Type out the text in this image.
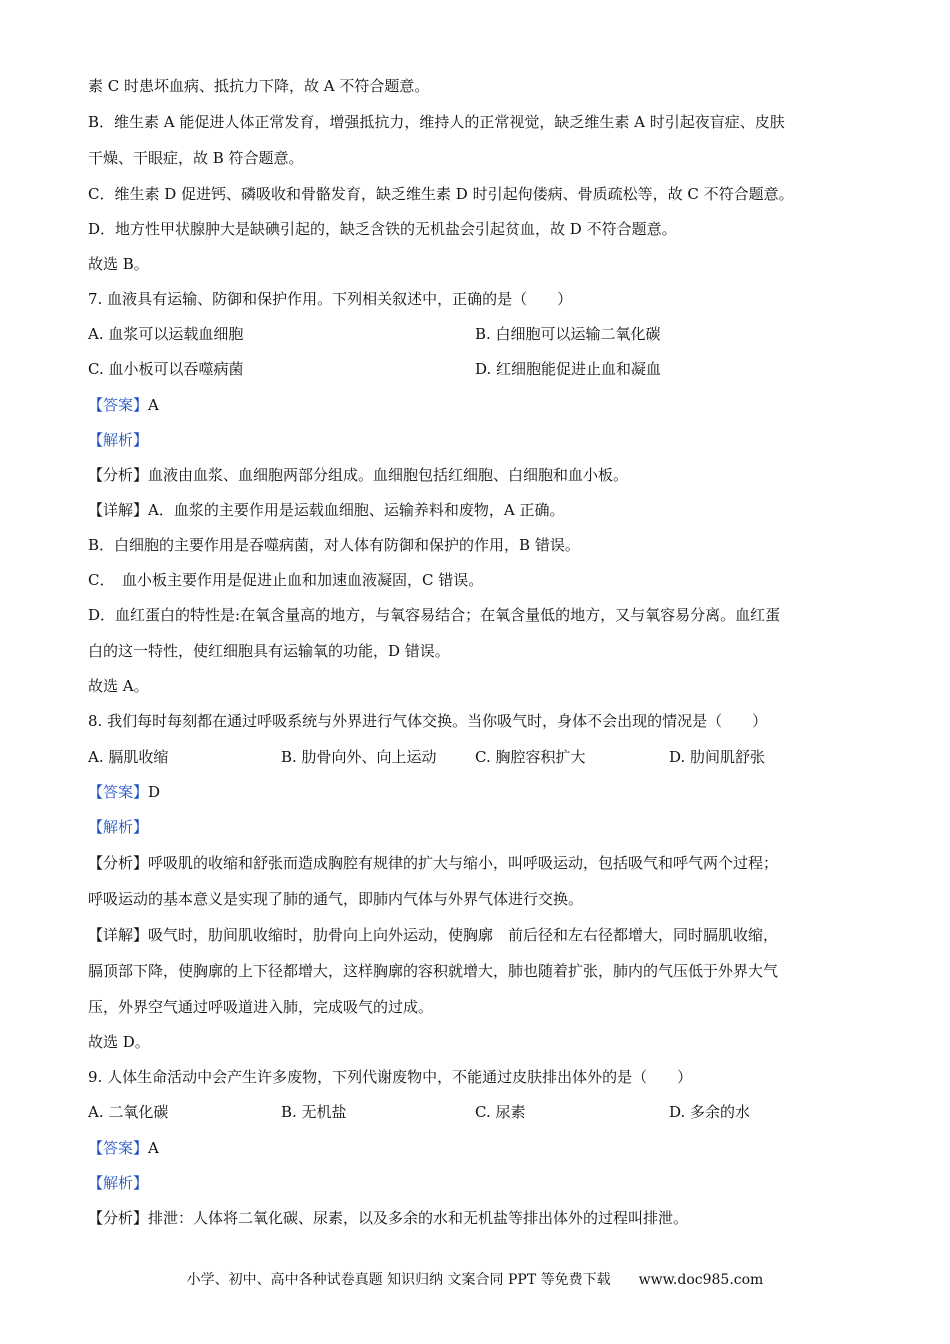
素 C 时患坏血病、抵抗力下降，故 A 不符合题意。
B．维生素 A 能促进人体正常发育，增强抵抗力，维持人的正常视觉，缺乏维生素 A 时引起夜盲症、皮肤
干燥、干眼症，故 B 符合题意。
C．维生素 D 促进钙、磷吸收和骨骼发育，缺乏维生素 D 时引起佝偻病、骨质疏松等，故 C 不符合题意。
D．地方性甲状腺肿大是缺碘引起的，缺乏含铁的无机盐会引起贫血，故 D 不符合题意。
故选 B。
7. 血液具有运输、防御和保护作用。下列相关叙述中，正确的是（　　）
A. 血浆可以运载血细胞	B. 白细胞可以运输二氧化碳
C. 血小板可以吞噬病菌	D. 红细胞能促进止血和凝血
【答案】A
【解析】
【分析】血液由血浆、血细胞两部分组成。血细胞包括红细胞、白细胞和血小板。
【详解】A．血浆的主要作用是运载血细胞、运输养料和废物，A 正确。
B．白细胞的主要作用是吞噬病菌，对人体有防御和保护的作用，B 错误。
C．　血小板主要作用是促进止血和加速血液凝固，C 错误。
D．血红蛋白的特性是:在氧含量高的地方，与氧容易结合；在氧含量低的地方，又与氧容易分离。血红蛋
白的这一特性，使红细胞具有运输氧的功能，D 错误。
故选 A。
8. 我们每时每刻都在通过呼吸系统与外界进行气体交换。当你吸气时，身体不会出现的情况是（　　）
A. 膈肌收缩	B. 肋骨向外、向上运动	C. 胸腔容积扩大	D. 肋间肌舒张
【答案】D
【解析】
【分析】呼吸肌的收缩和舒张而造成胸腔有规律的扩大与缩小，叫呼吸运动，包括吸气和呼气两个过程；
呼吸运动的基本意义是实现了肺的通气，即肺内气体与外界气体进行交换。
【详解】吸气时，肋间肌收缩时，肋骨向上向外运动，使胸廓　前后径和左右径都增大，同时膈肌收缩，
膈顶部下降，使胸廓的上下径都增大，这样胸廓的容积就增大，肺也随着扩张，肺内的气压低于外界大气
压，外界空气通过呼吸道进入肺，完成吸气的过成。
故选 D。
9. 人体生命活动中会产生许多废物，下列代谢废物中，不能通过皮肤排出体外的是（　　）
A. 二氧化碳	B. 无机盐	C. 尿素	D. 多余的水
【答案】A
【解析】
【分析】排泄：人体将二氧化碳、尿素，以及多余的水和无机盐等排出体外的过程叫排泄。
小学、初中、高中各种试卷真题 知识归纳 文案合同 PPT 等免费下载　　www.doc985.com
